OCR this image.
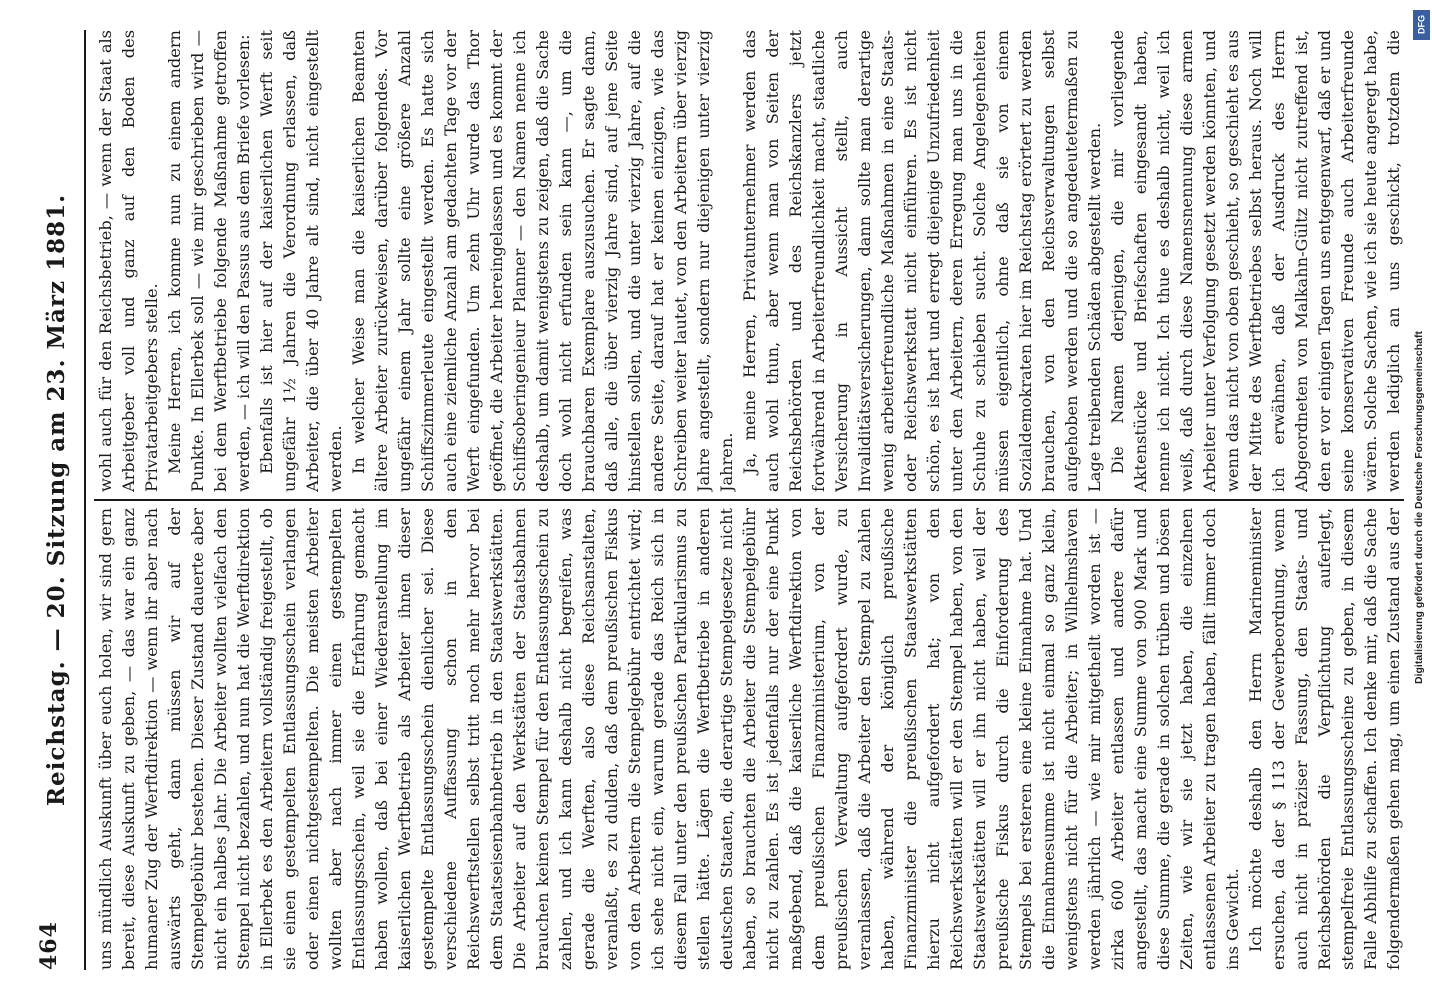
464
Reichstag. — 20. Sitzung am 23. März 1881. uns mündlich Auskunft über euch holen, wir sind gern bereit, diese Auskunft zu geben, — das war ein ganz humaner Zug der Werftdirektion — wenn ihr aber nach auswärts geht, dann müssen wir auf der Stempelgebühr bestehen. Dieser Zustand dauerte aber nicht ein halbes Jahr. Die Arbeiter wollten vielfach den Stempel nicht bezahlen, und nun hat die Werftdirektion in Ellerbek es den Arbeitern vollständig freigestellt, ob sie einen gestempelten Entlassungsschein verlangen oder einen nichtgestempelten. Die meisten Arbeiter wollten aber nach immer einen gestempelten Entlassungsschein, weil sie die Erfahrung gemacht haben wollen, daß bei einer Wiederanstellung im kaiserlichen Werftbetrieb als Arbeiter ihnen dieser gestempelte Entlassungsschein dienlicher sei. Diese verschiedene Auffassung schon in den Reichswerftstellen selbst tritt noch mehr hervor bei dem Staatseisenbahnbetrieb in den Staatswerkstätten. Die Arbeiter auf den Werkstätten der Staatsbahnen brauchen keinen Stempel für den Entlassungsschein zu zahlen, und ich kann deshalb nicht begreifen, was gerade die Werften, also diese Reichsanstalten, veranlaßt, es zu dulden, daß dem preußischen Fiskus von den Arbeitern die Stempelgebühr entrichtet wird; ich sehe nicht ein, warum gerade das Reich sich in diesem Fall unter den preußischen Partikularismus zu stellen hätte. Lägen die Werftbetriebe in anderen deutschen Staaten, die derartige Stempelgesetze nicht haben, so brauchten die Arbeiter die Stempelgebühr nicht zu zahlen. Es ist jedenfalls nur der eine Punkt maßgebend, daß die kaiserliche Werftdirektion von dem preußischen Finanzministerium, von der preußischen Verwaltung aufgefordert wurde, zu veranlassen, daß die Arbeiter den Stempel zu zahlen haben, während der königlich preußische Finanzminister die preußischen Staatswerkstätten hierzu nicht aufgefordert hat; von den Reichswerkstätten will er den Stempel haben, von den Staatswerkstätten will er ihn nicht haben, weil der preußische Fiskus durch die Einforderung des Stempels bei ersteren eine kleine Einnahme hat. Und die Einnahmesumme ist nicht einmal so ganz klein, wenigstens nicht für die Arbeiter; in Wilhelmshaven werden jährlich — wie mir mitgetheilt worden ist — zirka 600 Arbeiter entlassen und andere dafür angestellt, das macht eine Summe von 900 Mark und diese Summe, die gerade in solchen trüben und bösen Zeiten, wie wir sie jetzt haben, die einzelnen entlassenen Arbeiter zu tragen haben, fällt immer doch ins Gewicht. Ich möchte deshalb den Herrn Marineminister ersuchen, da der § 113 der Gewerbeordnung, wenn auch nicht in präziser Fassung, den Staats- und Reichsbehörden die Verpflichtung auferlegt, stempelfreie Entlassungsscheine zu geben, in diesem Falle Abhilfe zu schaffen. Ich denke mir, daß die Sache folgendermaßen gehen mag, um einen Zustand aus der

wohl auch für den Reichsbetrieb, — wenn der Staat als Arbeitgeber voll und ganz auf den Boden des Privatarbeitgebers stelle. Meine Herren, ich komme nun zu einem andern Punkte. In Ellerbek soll — wie mir geschrieben wird — bei dem Werftbetriebe folgende Maßnahme getroffen werden, — ich will den Passus aus dem Briefe vorlesen: Ebenfalls ist hier auf der kaiserlichen Werft seit ungefähr 1½ Jahren die Verordnung erlassen, daß Arbeiter, die über 40 Jahre alt sind, nicht eingestellt werden. In welcher Weise man die kaiserlichen Beamten ältere Arbeiter zurückweisen, darüber folgendes. Vor ungefähr einem Jahr sollte eine größere Anzahl Schiffszimmerleute eingestellt werden. Es hatte sich auch eine ziemliche Anzahl am gedachten Tage vor der Werft eingefunden. Um zehn Uhr wurde das Thor geöffnet, die Arbeiter hereingelassen und es kommt der Schiffsoberingenieur Planner — den Namen nenne ich deshalb, um damit wenigstens zu zeigen, daß die Sache doch wohl nicht erfunden sein kann —, um die brauchbaren Exemplare auszusuchen. Er sagte dann, daß alle, die über vierzig Jahre sind, auf jene Seite hinstellen sollen, und die unter vierzig Jahre, auf die andere Seite, darauf hat er keinen einzigen, wie das Schreiben weiter lautet, von den Arbeitern über vierzig Jahre angestellt, sondern nur diejenigen unter vierzig Jahren. Ja, meine Herren, Privatunternehmer werden das auch wohl thun, aber wenn man von Seiten der Reichsbehörden und des Reichskanzlers jetzt fortwährend in Arbeiterfreundlichkeit macht, staatliche Versicherung in Aussicht stellt, auch Invaliditätsversicherungen, dann sollte man derartige wenig arbeiterfreundliche Maßnahmen in eine Staats- oder Reichswerkstatt nicht einführen. Es ist nicht schön, es ist hart und erregt diejenige Unzufriedenheit unter den Arbeitern, deren Erregung man uns in die Schuhe zu schieben sucht. Solche Angelegenheiten müssen eigentlich, ohne daß sie von einem Sozialdemokraten hier im Reichstag erörtert zu werden brauchen, von den Reichsverwaltungen selbst aufgehoben werden und die so angedeutetermaßen zu Lage treibenden Schäden abgestellt werden. Die Namen derjenigen, die mir vorliegende Aktenstücke und Briefschaften eingesandt haben, nenne ich nicht. Ich thue es deshalb nicht, weil ich weiß, daß durch diese Namensnennung diese armen Arbeiter unter Verfolgung gesetzt werden könnten, und wenn das nicht von oben geschieht, so geschieht es aus der Mitte des Werftbetriebes selbst heraus. Noch will ich erwähnen, daß der Ausdruck des Herrn Abgeordneten von Malkahn-Gültz nicht zutreffend ist, den er vor einigen Tagen uns entgegenwarf, daß er und seine konservativen Freunde auch Arbeiterfreunde wären. Solche Sachen, wie ich sie heute angeregt habe, werden lediglich an uns geschickt, trotzdem die

DFG
Digitalisierung gefördert durch die Deutsche Forschungsgemeinschaft
